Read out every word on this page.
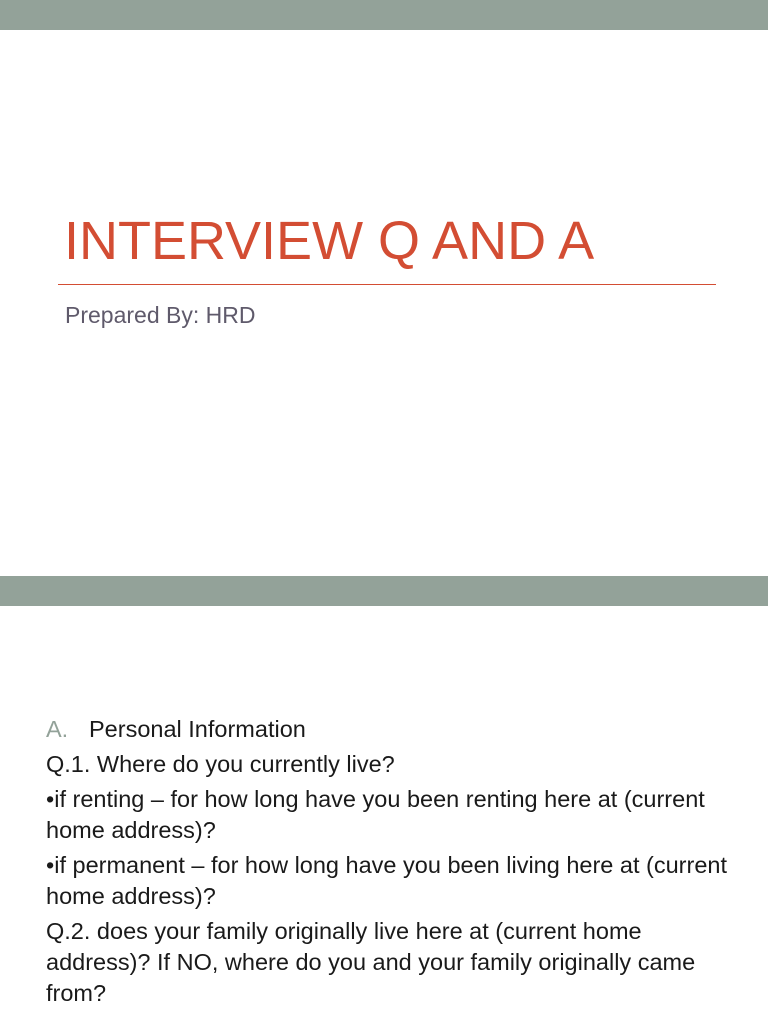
INTERVIEW Q AND A
Prepared By: HRD
A. Personal Information
Q.1. Where do you currently live?
•if renting – for how long have you been renting here at (current home address)?
•if permanent – for how long have you been living here at (current home address)?
Q.2. does your family originally live here at (current home address)? If NO, where do you and your family originally came from?
